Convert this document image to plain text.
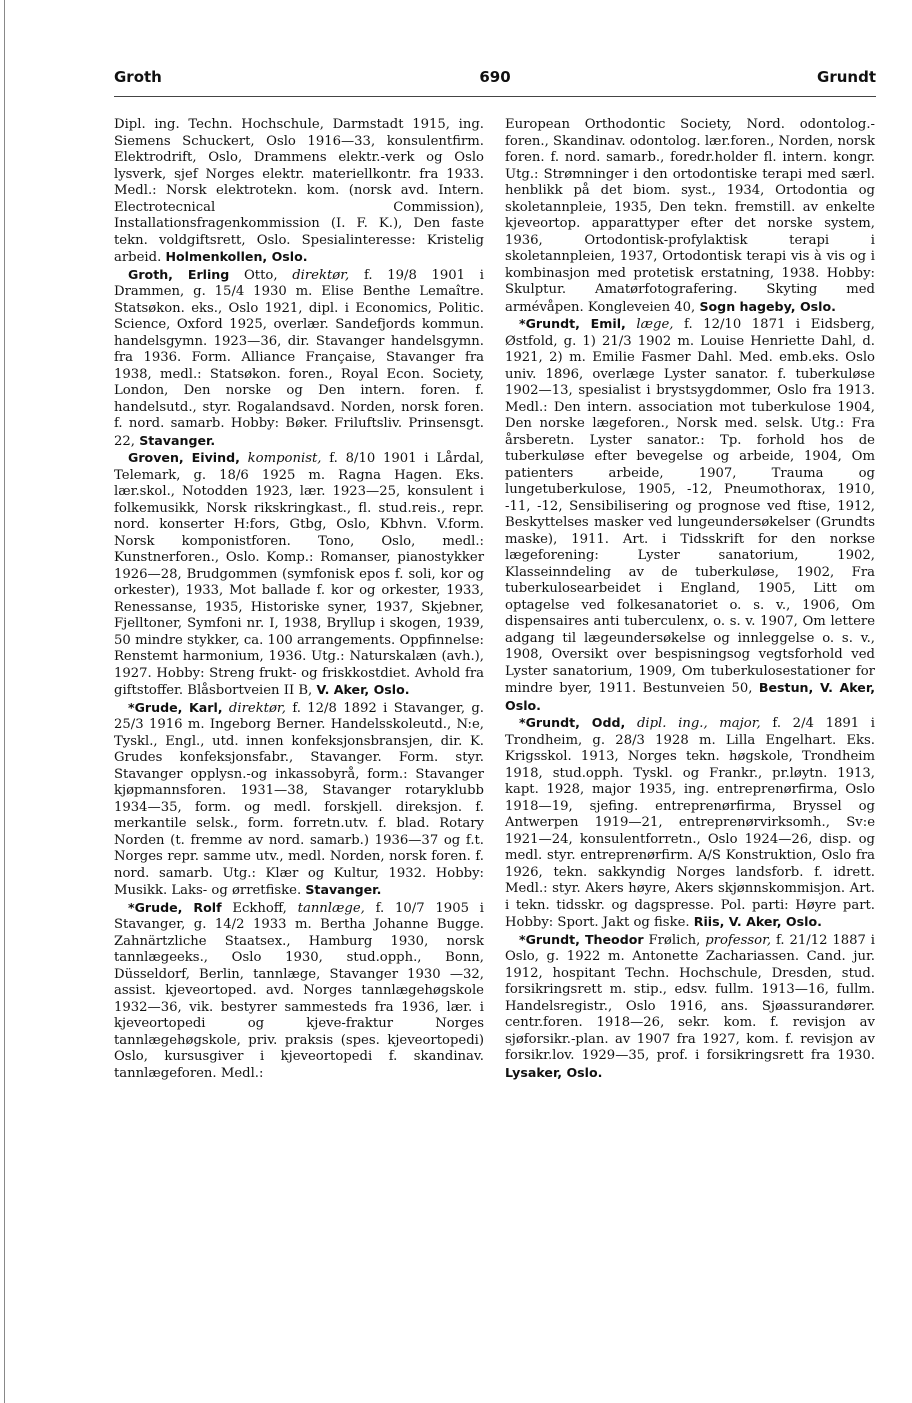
Groth	690	Grundt

Dipl. ing. Techn. Hochschule, Darmstadt 1915, ing. Siemens Schuckert, Oslo 1916—33, konsulentfirm. Elektrodrift, Oslo, Drammens elektr.-verk og Oslo lysverk, sjef Norges elektr. materiellkontr. fra 1933. Medl.: Norsk elektrotekn. kom. (norsk avd. Intern. Electrotecnical Commission), Installationsfragenkommission (I. F. K.), Den faste tekn. voldgiftsrett, Oslo. Spesialinteresse: Kristelig arbeid. Holmenkollen, Oslo.

Groth, Erling Otto, direktør, f. 19/8 1901 i Drammen, g. 15/4 1930 m. Elise Benthe Lemaître. Statsøkon. eks., Oslo 1921, dipl. i Economics, Politic. Science, Oxford 1925, overlær. Sandefjords kommun. handelsgymn. 1923—36, dir. Stavanger handelsgymn. fra 1936. Form. Alliance Française, Stavanger fra 1938, medl.: Statsøkon. foren., Royal Econ. Society, London, Den norske og Den intern. foren. f. handelsutd., styr. Rogalandsavd. Norden, norsk foren. f. nord. samarb. Hobby: Bøker. Friluftsliv. Prinsensgt. 22, Stavanger.

Groven, Eivind, komponist, f. 8/10 1901 i Lårdal, Telemark, g. 18/6 1925 m. Ragna Hagen. Eks. lær.skol., Notodden 1923, lær. 1923—25, konsulent i folkemusikk, Norsk rikskringkast., fl. stud.reis., repr. nord. konserter H:fors, Gtbg, Oslo, Kbhvn. V.form. Norsk komponistforen. Tono, Oslo, medl.: Kunstnerforen., Oslo. Komp.: Romanser, pianostykker 1926—28, Brudgommen (symfonisk epos f. soli, kor og orkester), 1933, Mot ballade f. kor og orkester, 1933, Renessanse, 1935, Historiske syner, 1937, Skjebner, Fjelltoner, Symfoni nr. I, 1938, Bryllup i skogen, 1939, 50 mindre stykker, ca. 100 arrangements. Oppfinnelse: Renstemt harmonium, 1936. Utg.: Naturskalæn (avh.), 1927. Hobby: Streng frukt- og friskkostdiet. Avhold fra giftstoffer. Blåsbortveien II B, V. Aker, Oslo.

*Grude, Karl, direktør, f. 12/8 1892 i Stavanger, g. 25/3 1916 m. Ingeborg Berner. Handelsskoleutd., N:e, Tyskl., Engl., utd. innen konfeksjonsbransjen, dir. K. Grudes konfeksjonsfabr., Stavanger. Form. styr. Stavanger opplysn.-og inkassobyrå, form.: Stavanger kjøpmannsforen. 1931—38, Stavanger rotaryklubb 1934—35, form. og medl. forskjell. direksjon. f. merkantile selsk., form. forretn.utv. f. blad. Rotary Norden (t. fremme av nord. samarb.) 1936—37 og f.t. Norges repr. samme utv., medl. Norden, norsk foren. f. nord. samarb. Utg.: Klær og Kultur, 1932. Hobby: Musikk. Laks- og ørretfiske. Stavanger.

*Grude, Rolf Eckhoff, tannlæge, f. 10/7 1905 i Stavanger, g. 14/2 1933 m. Bertha Johanne Bugge. Zahnärtzliche Staatsex., Hamburg 1930, norsk tannlægeeks., Oslo 1930, stud.opph., Bonn, Düsseldorf, Berlin, tannlæge, Stavanger 1930 —32, assist. kjeveortoped. avd. Norges tannlægehøgskole 1932—36, vik. bestyrer sammesteds fra 1936, lær. i kjeveortopedi og kjeve-fraktur Norges tannlægehøgskole, priv. praksis (spes. kjeveortopedi) Oslo, kursusgiver i kjeveortopedi f. skandinav. tannlægeforen. Medl.:

European Orthodontic Society, Nord. odontolog.-foren., Skandinav. odontolog. lær.foren., Norden, norsk foren. f. nord. samarb., foredr.holder fl. intern. kongr. Utg.: Strømninger i den ortodontiske terapi med særl. henblikk på det biom. syst., 1934, Ortodontia og skoletannpleie, 1935, Den tekn. fremstill. av enkelte kjeveortop. apparattyper efter det norske system, 1936, Ortodontisk-profylaktisk terapi i skoletannpleien, 1937, Ortodontisk terapi vis à vis og i kombinasjon med protetisk erstatning, 1938. Hobby: Skulptur. Amatørfotografering. Skyting med armévåpen. Kongleveien 40, Sogn hageby, Oslo.

*Grundt, Emil, læge, f. 12/10 1871 i Eidsberg, Østfold, g. 1) 21/3 1902 m. Louise Henriette Dahl, d. 1921, 2) m. Emilie Fasmer Dahl. Med. emb.eks. Oslo univ. 1896, overlæge Lyster sanator. f. tuberkuløse 1902—13, spesialist i brystsygdommer, Oslo fra 1913. Medl.: Den intern. association mot tuberkulose 1904, Den norske lægeforen., Norsk med. selsk. Utg.: Fra årsberetn. Lyster sanator.: Tp. forhold hos de tuberkuløse efter bevegelse og arbeide, 1904, Om patienters arbeide, 1907, Trauma og lungetuberkulose, 1905, -12, Pneumothorax, 1910, -11, -12, Sensibilisering og prognose ved ftise, 1912, Beskyttelses masker ved lungeundersøkelser (Grundts maske), 1911. Art. i Tidsskrift for den norkse lægeforening: Lyster sanatorium, 1902, Klasseinndeling av de tuberkuløse, 1902, Fra tuberkulosearbeidet i England, 1905, Litt om optagelse ved folkesanatoriet o. s. v., 1906, Om dispensaires anti tuberculenx, o. s. v. 1907, Om lettere adgang til lægeundersøkelse og innleggelse o. s. v., 1908, Oversikt over bespisningsog vegtsforhold ved Lyster sanatorium, 1909, Om tuberkulosestationer for mindre byer, 1911. Bestunveien 50, Bestun, V. Aker, Oslo.

*Grundt, Odd, dipl. ing., major, f. 2/4 1891 i Trondheim, g. 28/3 1928 m. Lilla Engelhart. Eks. Krigsskol. 1913, Norges tekn. høgskole, Trondheim 1918, stud.opph. Tyskl. og Frankr., pr.løytn. 1913, kapt. 1928, major 1935, ing. entreprenørfirma, Oslo 1918—19, sjefing. entreprenørfirma, Bryssel og Antwerpen 1919—21, entreprenørvirksomh., Sv:e 1921—24, konsulentforretn., Oslo 1924—26, disp. og medl. styr. entreprenørfirm. A/S Konstruktion, Oslo fra 1926, tekn. sakkyndig Norges landsforb. f. idrett. Medl.: styr. Akers høyre, Akers skjønnskommisjon. Art. i tekn. tidsskr. og dagspresse. Pol. parti: Høyre part. Hobby: Sport. Jakt og fiske. Riis, V. Aker, Oslo.

*Grundt, Theodor Frølich, professor, f. 21/12 1887 i Oslo, g. 1922 m. Antonette Zachariassen. Cand. jur. 1912, hospitant Techn. Hochschule, Dresden, stud. forsikringsrett m. stip., edsv. fullm. 1913—16, fullm. Handelsregistr., Oslo 1916, ans. Sjøassurandører. centr.foren. 1918—26, sekr. kom. f. revisjon av sjøforsikr.-plan. av 1907 fra 1927, kom. f. revisjon av forsikr.lov. 1929—35, prof. i forsikringsrett fra 1930. Lysaker, Oslo.
